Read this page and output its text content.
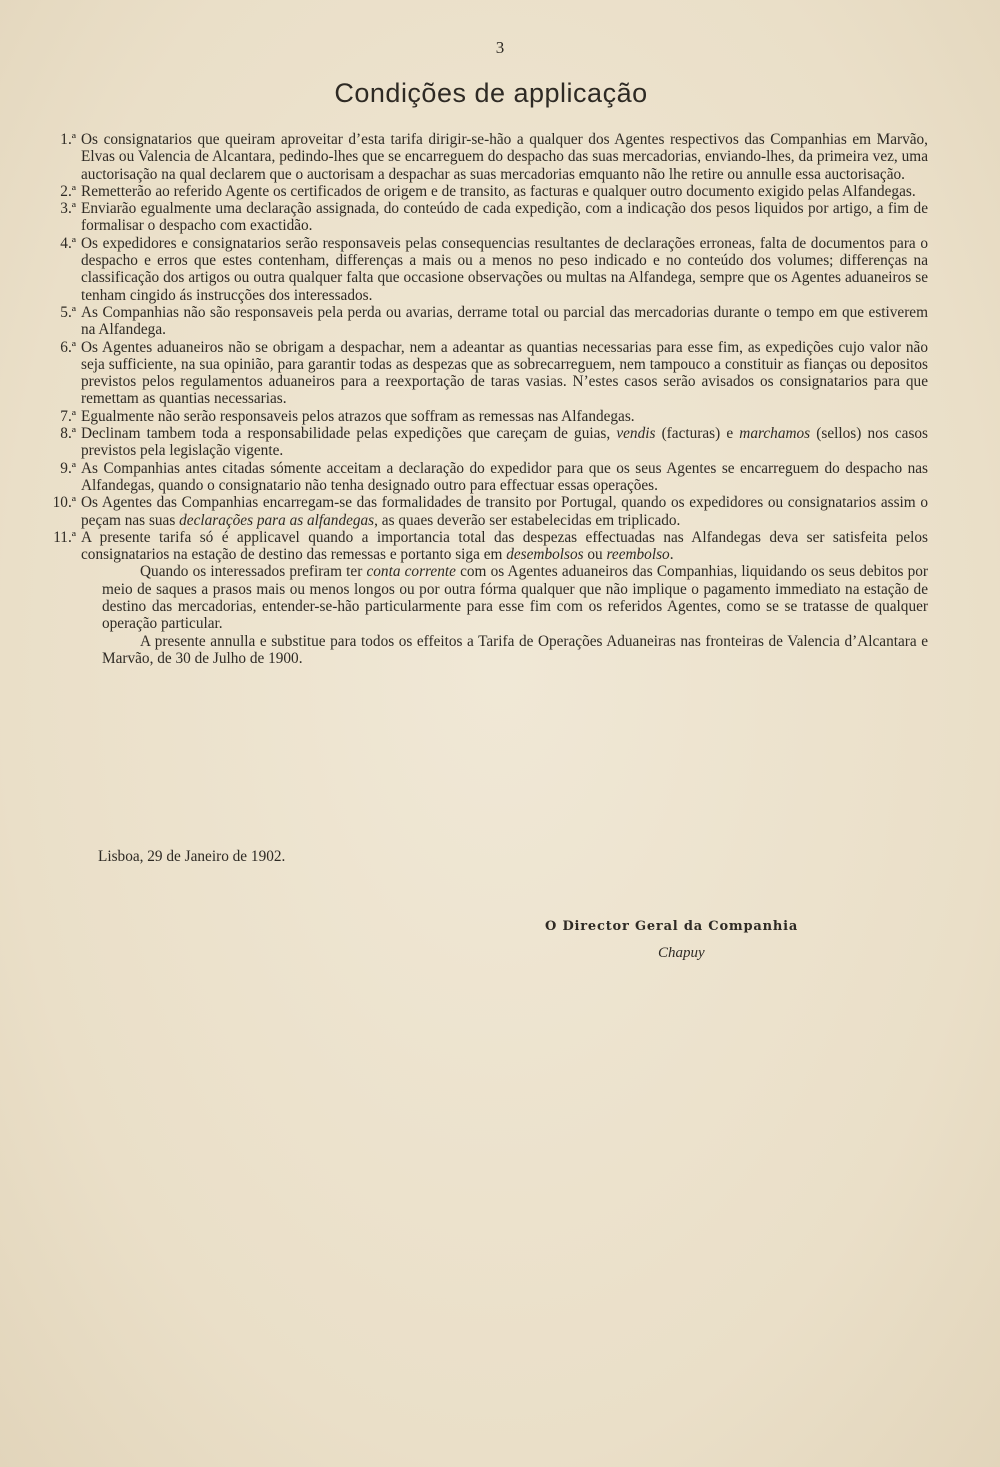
3
Condições de applicação
1.ª Os consignatarios que queiram aproveitar d’esta tarifa dirigir-se-hão a qualquer dos Agentes respectivos das Companhias em Marvão, Elvas ou Valencia de Alcantara, pedindo-lhes que se encarreguem do despacho das suas mercadorias, enviando-lhes, da primeira vez, uma auctorisação na qual declarem que o auctorisam a despachar as suas mercadorias emquanto não lhe retire ou annulle essa auctorisação.
2.ª Remetterão ao referido Agente os certificados de origem e de transito, as facturas e qualquer outro documento exigido pelas Alfandegas.
3.ª Enviarão egualmente uma declaração assignada, do conteúdo de cada expedição, com a indicação dos pesos liquidos por artigo, a fim de formalisar o despacho com exactidão.
4.ª Os expedidores e consignatarios serão responsaveis pelas consequencias resultantes de declarações erroneas, falta de documentos para o despacho e erros que estes contenham, differenças a mais ou a menos no peso indicado e no conteúdo dos volumes; differenças na classificação dos artigos ou outra qualquer falta que occasione observações ou multas na Alfandega, sempre que os Agentes aduaneiros se tenham cingido ás instrucções dos interessados.
5.ª As Companhias não são responsaveis pela perda ou avarias, derrame total ou parcial das mercadorias durante o tempo em que estiverem na Alfandega.
6.ª Os Agentes aduaneiros não se obrigam a despachar, nem a adeantar as quantias necessarias para esse fim, as expedições cujo valor não seja sufficiente, na sua opinião, para garantir todas as despezas que as sobrecarreguem, nem tampouco a constituir as fianças ou depositos previstos pelos regulamentos aduaneiros para a reexportação de taras vasias. N’estes casos serão avisados os consignatarios para que remettam as quantias necessarias.
7.ª Egualmente não serão responsaveis pelos atrazos que soffram as remessas nas Alfandegas.
8.ª Declinam tambem toda a responsabilidade pelas expedições que careçam de guias, vendis (facturas) e marchamos (sellos) nos casos previstos pela legislação vigente.
9.ª As Companhias antes citadas sómente acceitam a declaração do expedidor para que os seus Agentes se encarreguem do despacho nas Alfandegas, quando o consignatario não tenha designado outro para effectuar essas operações.
10.ª Os Agentes das Companhias encarregam-se das formalidades de transito por Portugal, quando os expedidores ou consignatarios assim o peçam nas suas declarações para as alfandegas, as quaes deverão ser estabelecidas em triplicado.
11.ª A presente tarifa só é applicavel quando a importancia total das despezas effectuadas nas Alfandegas deva ser satisfeita pelos consignatarios na estação de destino das remessas e portanto siga em desembolsos ou reembolso.

Quando os interessados prefiram ter conta corrente com os Agentes aduaneiros das Companhias, liquidando os seus debitos por meio de saques a prasos mais ou menos longos ou por outra fórma qualquer que não implique o pagamento immediato na estação de destino das mercadorias, entender-se-hão particularmente para esse fim com os referidos Agentes, como se se tratasse de qualquer operação particular.

A presente annulla e substitue para todos os effeitos a Tarifa de Operações Aduaneiras nas fronteiras de Valencia d’Alcantara e Marvão, de 30 de Julho de 1900.

Lisboa, 29 de Janeiro de 1902.
O Director Geral da Companhia
Chapuy
